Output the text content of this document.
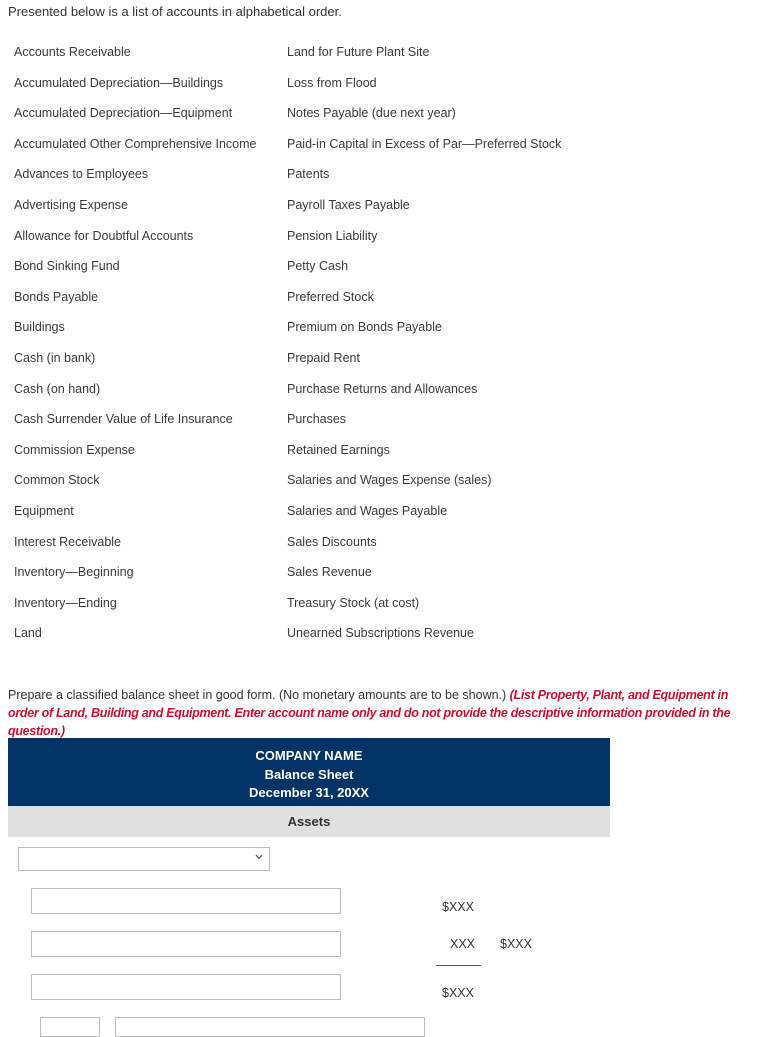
Presented below is a list of accounts in alphabetical order.
Accounts Receivable
Accumulated Depreciation—Buildings
Accumulated Depreciation—Equipment
Accumulated Other Comprehensive Income
Advances to Employees
Advertising Expense
Allowance for Doubtful Accounts
Bond Sinking Fund
Bonds Payable
Buildings
Cash (in bank)
Cash (on hand)
Cash Surrender Value of Life Insurance
Commission Expense
Common Stock
Equipment
Interest Receivable
Inventory—Beginning
Inventory—Ending
Land
Land for Future Plant Site
Loss from Flood
Notes Payable (due next year)
Paid-in Capital in Excess of Par—Preferred Stock
Patents
Payroll Taxes Payable
Pension Liability
Petty Cash
Preferred Stock
Premium on Bonds Payable
Prepaid Rent
Purchase Returns and Allowances
Purchases
Retained Earnings
Salaries and Wages Expense (sales)
Salaries and Wages Payable
Sales Discounts
Sales Revenue
Treasury Stock (at cost)
Unearned Subscriptions Revenue
Prepare a classified balance sheet in good form. (No monetary amounts are to be shown.) (List Property, Plant, and Equipment in order of Land, Building and Equipment. Enter account name only and do not provide the descriptive information provided in the question.)
COMPANY NAME
Balance Sheet
December 31, 20XX
Assets
$XXX
XXX $XXX
$XXX
